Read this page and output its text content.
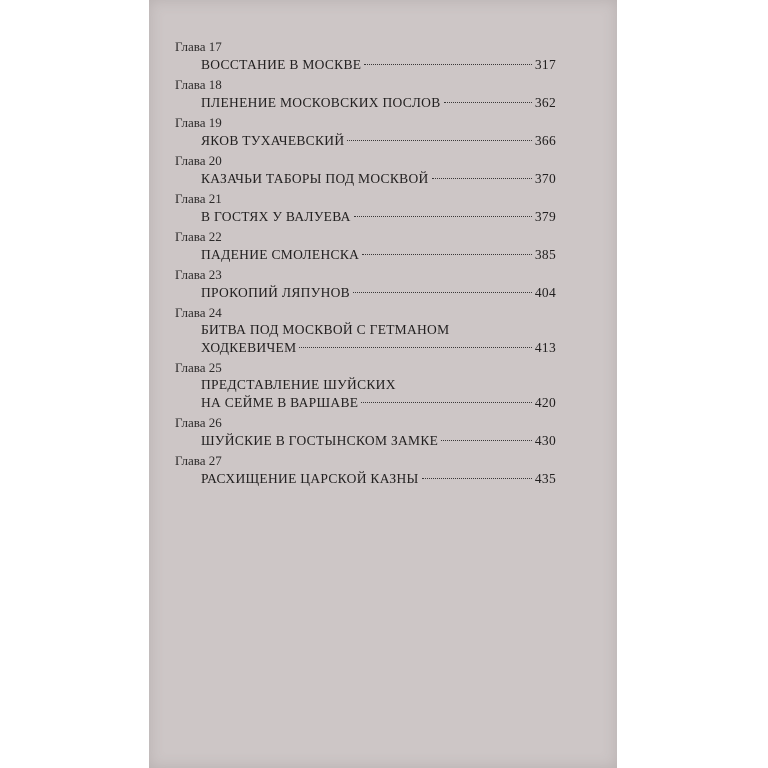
Глава 17
ВОССТАНИЕ В МОСКВЕ	317
Глава 18
ПЛЕНЕНИЕ МОСКОВСКИХ ПОСЛОВ	362
Глава 19
ЯКОВ ТУХАЧЕВСКИЙ	366
Глава 20
КАЗАЧЬИ ТАБОРЫ ПОД МОСКВОЙ	370
Глава 21
В ГОСТЯХ У ВАЛУЕВА	379
Глава 22
ПАДЕНИЕ СМОЛЕНСКА	385
Глава 23
ПРОКОПИЙ ЛЯПУНОВ	404
Глава 24
БИТВА ПОД МОСКВОЙ С ГЕТМАНОМ
ХОДКЕВИЧЕМ	413
Глава 25
ПРЕДСТАВЛЕНИЕ ШУЙСКИХ
НА СЕЙМЕ В ВАРШАВЕ	420
Глава 26
ШУЙСКИЕ В ГОСТЫНСКОМ ЗАМКЕ	430
Глава 27
РАСХИЩЕНИЕ ЦАРСКОЙ КАЗНЫ	435
